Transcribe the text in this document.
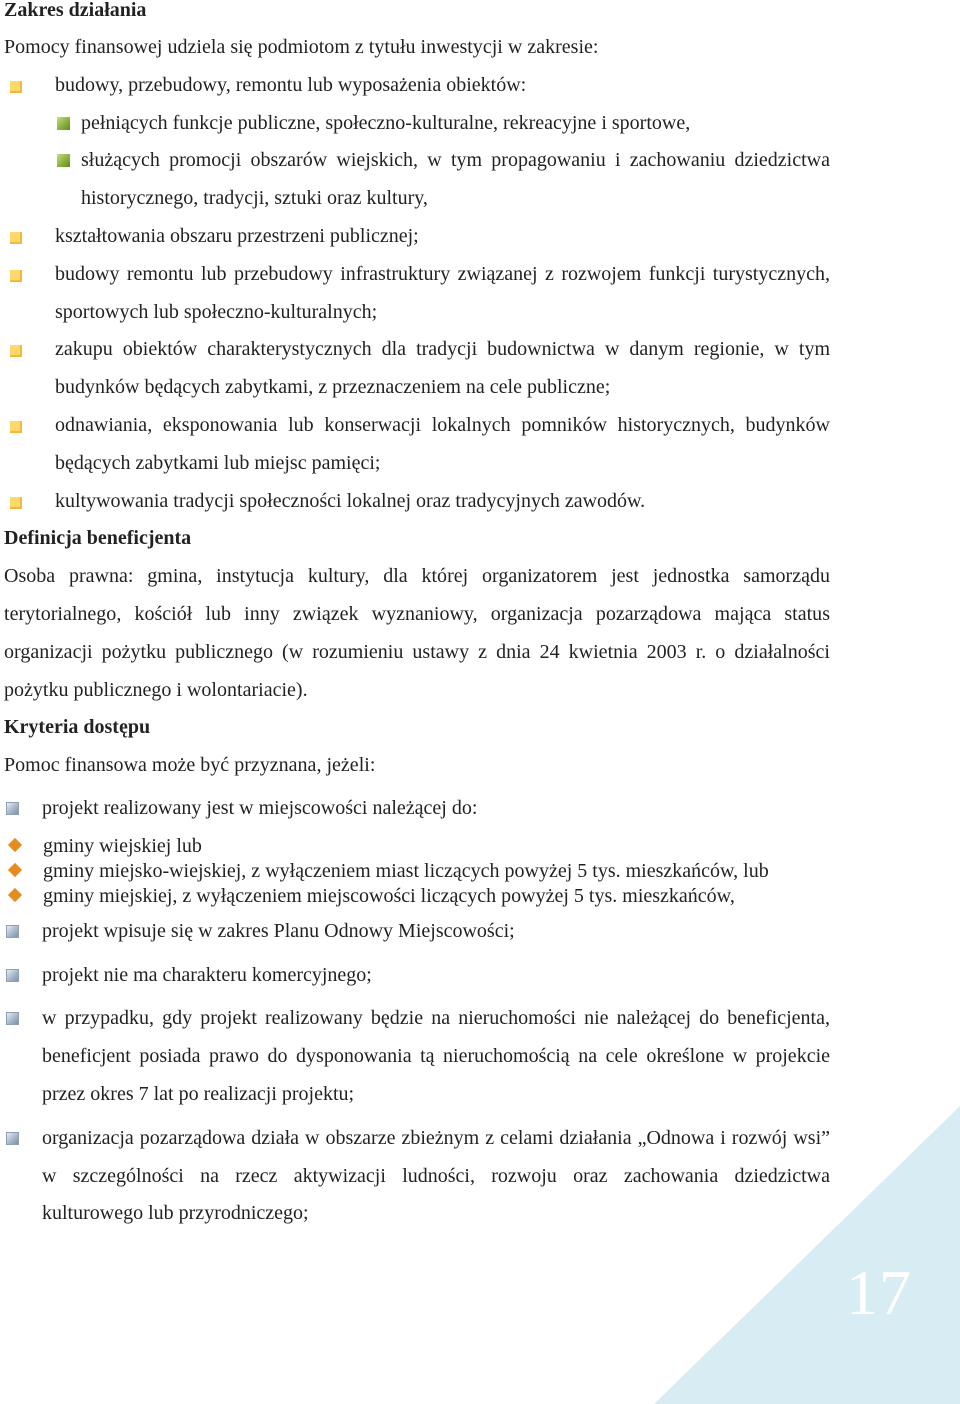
17
Zakres działania
Pomocy finansowej udziela się podmiotom z tytułu inwestycji w zakresie:
budowy, przebudowy, remontu lub wyposażenia obiektów:
pełniących funkcje publiczne, społeczno-kulturalne, rekreacyjne i sportowe,
służących promocji obszarów wiejskich, w tym propagowaniu i zachowaniu dziedzictwa historycznego, tradycji, sztuki oraz kultury,
kształtowania obszaru przestrzeni publicznej;
budowy remontu lub przebudowy infrastruktury związanej z rozwojem funkcji turystycznych, sportowych lub społeczno-kulturalnych;
zakupu obiektów charakterystycznych dla tradycji budownictwa w danym regionie, w tym budynków będących zabytkami, z przeznaczeniem na cele publiczne;
odnawiania, eksponowania lub konserwacji lokalnych pomników historycznych, budynków będących zabytkami lub miejsc pamięci;
kultywowania tradycji społeczności lokalnej oraz tradycyjnych zawodów.
Definicja beneficjenta
Osoba prawna: gmina, instytucja kultury, dla której organizatorem jest jednostka samorządu terytorialnego, kościół lub inny związek wyznaniowy, organizacja pozarządowa mająca status organizacji pożytku publicznego (w rozumieniu ustawy z dnia 24 kwietnia 2003 r. o działalności pożytku publicznego i wolontariacie).
Kryteria dostępu
Pomoc finansowa może być przyznana, jeżeli:
projekt realizowany jest w miejscowości należącej do:
gminy wiejskiej lub
gminy miejsko-wiejskiej, z wyłączeniem miast liczących powyżej 5 tys. mieszkańców, lub
gminy miejskiej, z wyłączeniem miejscowości liczących powyżej 5 tys. mieszkańców,
projekt wpisuje się w zakres Planu Odnowy Miejscowości;
projekt nie ma charakteru komercyjnego;
w przypadku, gdy projekt realizowany będzie na nieruchomości nie należącej do beneficjenta, beneficjent posiada prawo do dysponowania tą nieruchomością na cele określone w projekcie przez okres 7 lat po realizacji projektu;
organizacja pozarządowa działa w obszarze zbieżnym z celami działania „Odnowa i rozwój wsi” w szczególności na rzecz aktywizacji ludności, rozwoju oraz zachowania dziedzictwa kulturowego lub przyrodniczego;
